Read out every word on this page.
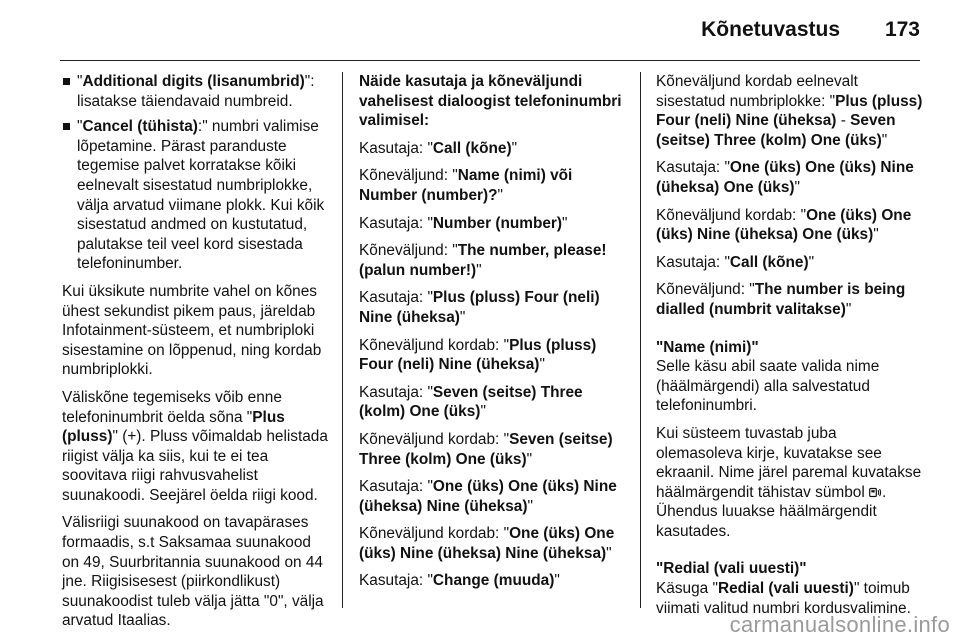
Kõnetuvastus 173
"Additional digits (lisanumbrid)": lisatakse täiendavaid numbreid.
"Cancel (tühista):" numbri valimise lõpetamine. Pärast paranduste tegemise palvet korratakse kõiki eelnevalt sisestatud numbriplokke, välja arvatud viimane plokk. Kui kõik sisestatud andmed on kustutatud, palutakse teil veel kord sisestada telefoninumber.

Kui üksikute numbrite vahel on kõnes ühest sekundist pikem paus, järeldab Infotainment-süsteem, et numbriploki sisestamine on lõppenud, ning kordab numbriplokki.

Väliskõne tegemiseks võib enne telefoninumbrit öelda sõna "Plus (pluss)" (+). Pluss võimaldab helistada riigist välja ka siis, kui te ei tea soovitava riigi rahvusvahelist suunakoodi. Seejärel öelda riigi kood.

Välisriigi suunakood on tavapärases formaadis, s.t Saksamaa suunakood on 49, Suurbritannia suunakood on 44 jne. Riigisisesest (piirkondlikust) suunakoodist tuleb välja jätta "0", välja arvatud Itaalias.

Näide kasutaja ja kõneväljundi vahelisest dialoogist telefoninumbri valimisel:

Kasutaja: "Call (kõne)"

Kõneväljund: "Name (nimi) või Number (number)?"

Kasutaja: "Number (number)"

Kõneväljund: "The number, please! (palun number!)"

Kasutaja: "Plus (pluss) Four (neli) Nine (üheksa)"

Kõneväljund kordab: "Plus (pluss) Four (neli) Nine (üheksa)"

Kasutaja: "Seven (seitse) Three (kolm) One (üks)"

Kõneväljund kordab: "Seven (seitse) Three (kolm) One (üks)"

Kasutaja: "One (üks) One (üks) Nine (üheksa) Nine (üheksa)"

Kõneväljund kordab: "One (üks) One (üks) Nine (üheksa) Nine (üheksa)"

Kasutaja: "Change (muuda)"

Kõneväljund kordab eelnevalt sisestatud numbriplokke: "Plus (pluss) Four (neli) Nine (üheksa) - Seven (seitse) Three (kolm) One (üks)"

Kasutaja: "One (üks) One (üks) Nine (üheksa) One (üks)"

Kõneväljund kordab: "One (üks) One (üks) Nine (üheksa) One (üks)"

Kasutaja: "Call (kõne)"

Kõneväljund: "The number is being dialled (numbrit valitakse)"

"Name (nimi)"

Selle käsu abil saate valida nime (häälmärgendi) alla salvestatud telefoninumbri.

Kui süsteem tuvastab juba olemasoleva kirje, kuvatakse see ekraanil. Nime järel paremal kuvatakse häälmärgendit tähistav sümbol . Ühendus luuakse häälmärgendit kasutades.

"Redial (vali uuesti)"

Käsuga "Redial (vali uuesti)" toimub viimati valitud numbri kordusvalimine.

carmanualsonline.info
